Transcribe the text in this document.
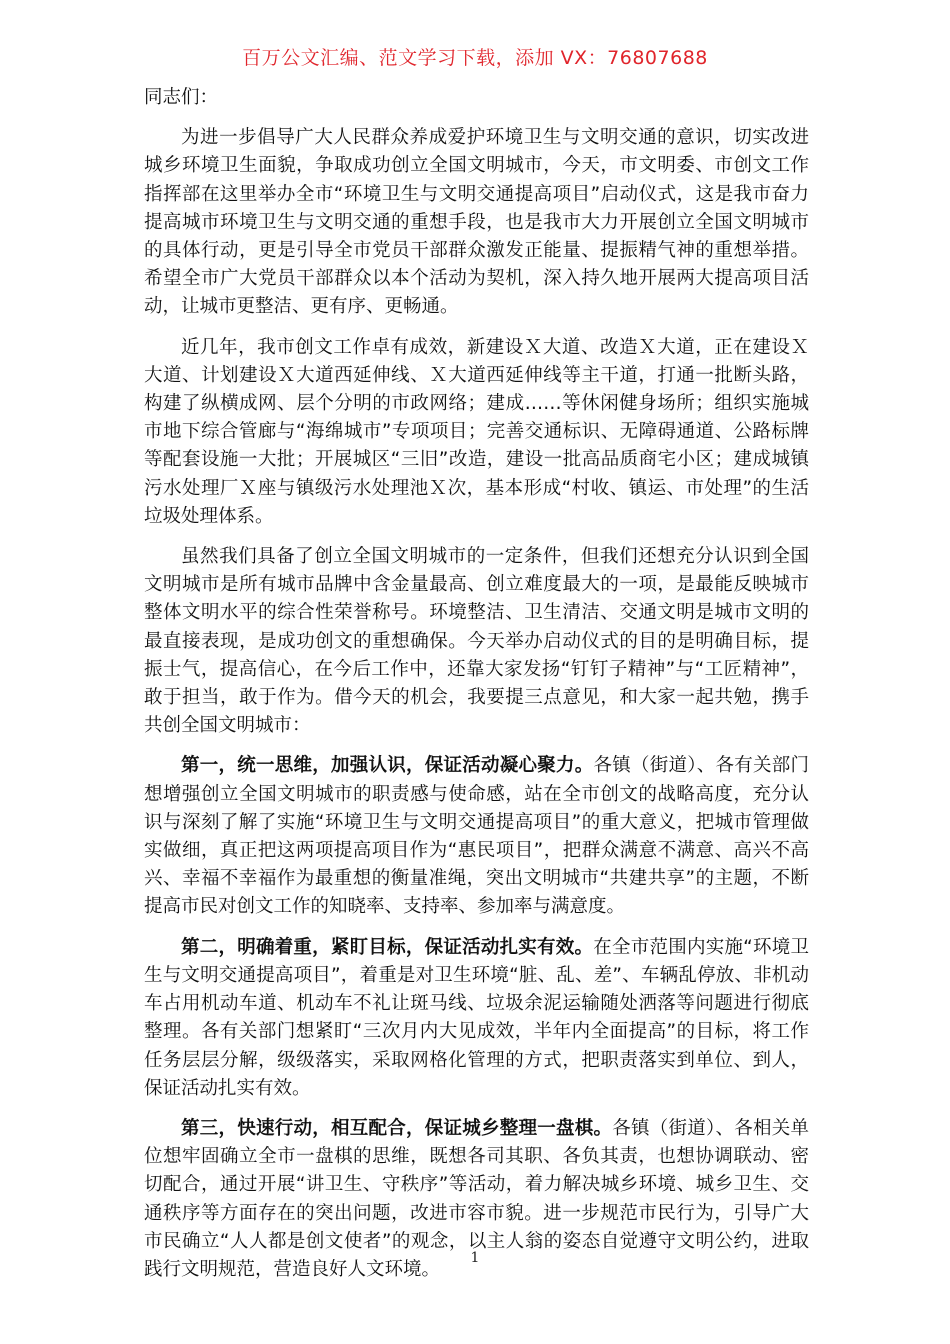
百万公文汇编、范文学习下载，添加 VX：76807688

同志们：

为进一步倡导广大人民群众养成爱护环境卫生与文明交通的意识，切实改进城乡环境卫生面貌，争取成功创立全国文明城市，今天，市文明委、市创文工作指挥部在这里举办全市“环境卫生与文明交通提高项目”启动仪式，这是我市奋力提高城市环境卫生与文明交通的重想手段，也是我市大力开展创立全国文明城市的具体行动，更是引导全市党员干部群众激发正能量、提振精气神的重想举措。希望全市广大党员干部群众以本个活动为契机，深入持久地开展两大提高项目活动，让城市更整洁、更有序、更畅通。

近几年，我市创文工作卓有成效，新建设Ｘ大道、改造Ｘ大道，正在建设Ｘ大道、计划建设Ｘ大道西延伸线、Ｘ大道西延伸线等主干道，打通一批断头路，构建了纵横成网、层个分明的市政网络；建成……等休闲健身场所；组织实施城市地下综合管廊与“海绵城市”专项项目；完善交通标识、无障碍通道、公路标牌等配套设施一大批；开展城区“三旧”改造，建设一批高品质商宅小区；建成城镇污水处理厂Ｘ座与镇级污水处理池Ｘ次，基本形成“村收、镇运、市处理”的生活垃圾处理体系。

虽然我们具备了创立全国文明城市的一定条件，但我们还想充分认识到全国文明城市是所有城市品牌中含金量最高、创立难度最大的一项，是最能反映城市整体文明水平的综合性荣誉称号。环境整洁、卫生清洁、交通文明是城市文明的最直接表现，是成功创文的重想确保。今天举办启动仪式的目的是明确目标，提振士气，提高信心，在今后工作中，还靠大家发扬“钉钉子精神”与“工匠精神”，敢于担当，敢于作为。借今天的机会，我要提三点意见，和大家一起共勉，携手共创全国文明城市：

第一，统一思维，加强认识，保证活动凝心聚力。各镇（街道）、各有关部门想增强创立全国文明城市的职责感与使命感，站在全市创文的战略高度，充分认识与深刻了解了实施“环境卫生与文明交通提高项目”的重大意义，把城市管理做实做细，真正把这两项提高项目作为“惠民项目”，把群众满意不满意、高兴不高兴、幸福不幸福作为最重想的衡量准绳，突出文明城市“共建共享”的主题，不断提高市民对创文工作的知晓率、支持率、参加率与满意度。

第二，明确着重，紧盯目标，保证活动扎实有效。在全市范围内实施“环境卫生与文明交通提高项目”，着重是对卫生环境“脏、乱、差”、车辆乱停放、非机动车占用机动车道、机动车不礼让斑马线、垃圾余泥运输随处洒落等问题进行彻底整理。各有关部门想紧盯“三次月内大见成效，半年内全面提高”的目标，将工作任务层层分解，级级落实，采取网格化管理的方式，把职责落实到单位、到人，保证活动扎实有效。

第三，快速行动，相互配合，保证城乡整理一盘棋。各镇（街道）、各相关单位想牢固确立全市一盘棋的思维，既想各司其职、各负其责，也想协调联动、密切配合，通过开展“讲卫生、守秩序”等活动，着力解决城乡环境、城乡卫生、交通秩序等方面存在的突出问题，改进市容市貌。进一步规范市民行为，引导广大市民确立“人人都是创文使者”的观念，以主人翁的姿态自觉遵守文明公约，进取践行文明规范，营造良好人文环境。

1
